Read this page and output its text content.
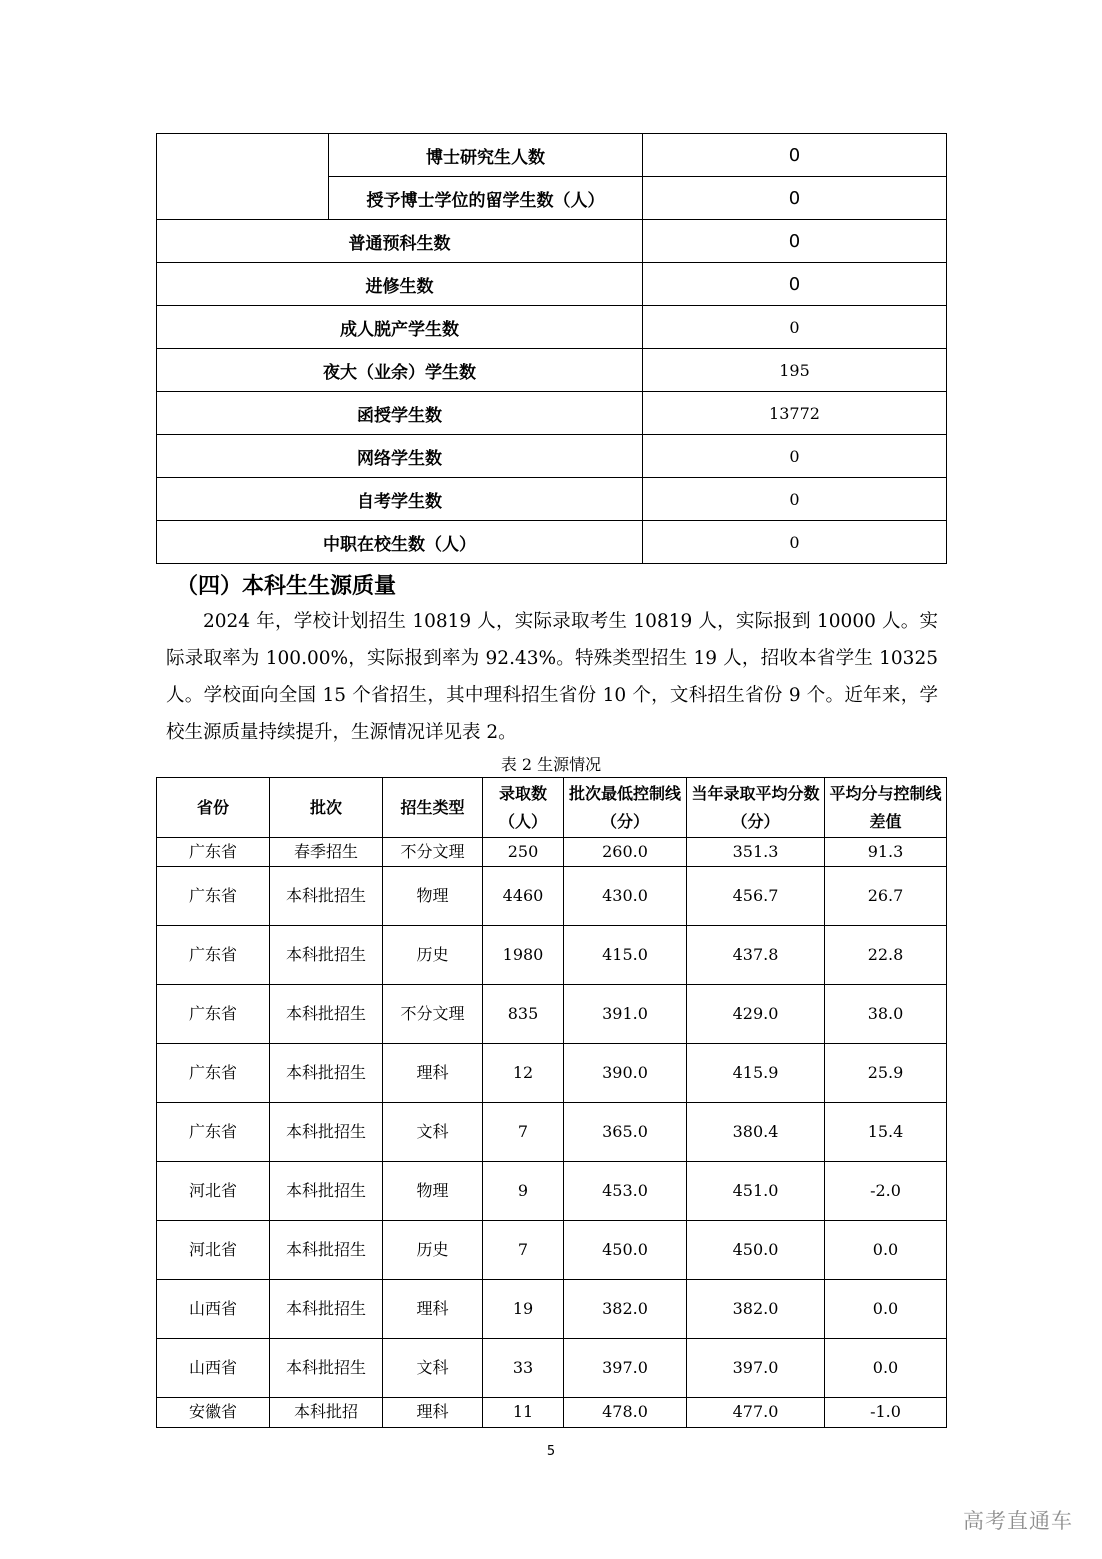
	博士研究生人数	0
	授予博士学位的留学生数（人）	0
普通预科生数		0
进修生数		0
成人脱产学生数		0
夜大（业余）学生数		195
函授学生数		13772
网络学生数		0
自考学生数		0
中职在校生数（人）		0
（四）本科生生源质量

2024 年，学校计划招生 10819 人，实际录取考生 10819 人，实际报到 10000 人。实际录取率为 100.00%，实际报到率为 92.43%。特殊类型招生 19 人，招收本省学生 10325 人。学校面向全国 15 个省招生，其中理科招生省份 10 个，文科招生省份 9 个。近年来，学校生源质量持续提升，生源情况详见表 2。

表 2 生源情况
省份	批次	招生类型	录取数（人）	批次最低控制线（分）	当年录取平均分数（分）	平均分与控制线差值
广东省	春季招生	不分文理	250	260.0	351.3	91.3
广东省	本科批招生	物理	4460	430.0	456.7	26.7
广东省	本科批招生	历史	1980	415.0	437.8	22.8
广东省	本科批招生	不分文理	835	391.0	429.0	38.0
广东省	本科批招生	理科	12	390.0	415.9	25.9
广东省	本科批招生	文科	7	365.0	380.4	15.4
河北省	本科批招生	物理	9	453.0	451.0	-2.0
河北省	本科批招生	历史	7	450.0	450.0	0.0
山西省	本科批招生	理科	19	382.0	382.0	0.0
山西省	本科批招生	文科	33	397.0	397.0	0.0
安徽省	本科批招	理科	11	478.0	477.0	-1.0
5
高考直通车
